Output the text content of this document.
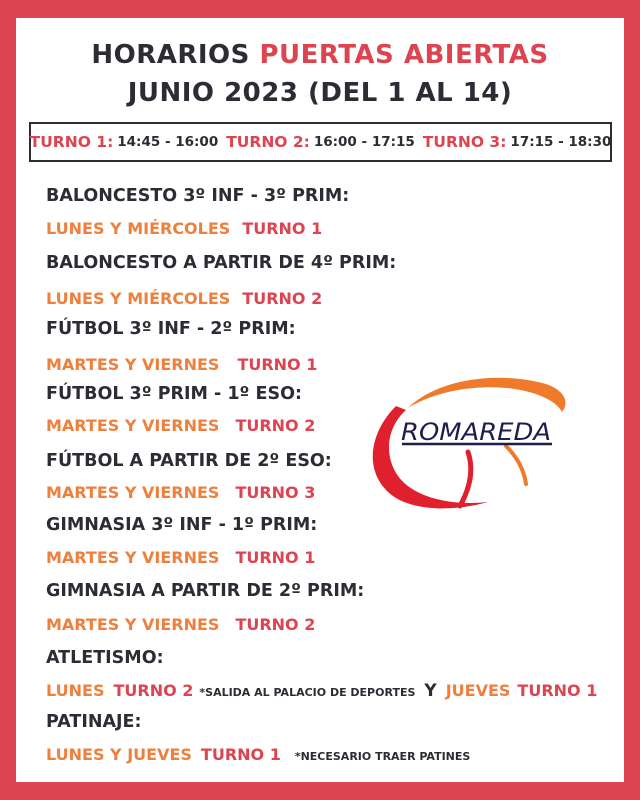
HORARIOS PUERTAS ABIERTAS
JUNIO 2023 (DEL 1 AL 14)
TURNO 1: 14:45 - 16:00 TURNO 2: 16:00 - 17:15 TURNO 3: 17:15 - 18:30
BALONCESTO 3º INF - 3º PRIM:
LUNES Y MIÉRCOLES TURNO 1
BALONCESTO A PARTIR DE 4º PRIM:
LUNES Y MIÉRCOLES TURNO 2
FÚTBOL 3º INF - 2º PRIM:
MARTES Y VIERNES TURNO 1
FÚTBOL 3º PRIM - 1º ESO:
MARTES Y VIERNES TURNO 2
FÚTBOL A PARTIR DE 2º ESO:
MARTES Y VIERNES TURNO 3
GIMNASIA 3º INF - 1º PRIM:
MARTES Y VIERNES TURNO 1
GIMNASIA A PARTIR DE 2º PRIM:
MARTES Y VIERNES TURNO 2
ATLETISMO:
LUNES TURNO 2 *SALIDA AL PALACIO DE DEPORTES Y JUEVES TURNO 1
PATINAJE:
LUNES Y JUEVES TURNO 1 *NECESARIO TRAER PATINES
ROMAREDA
